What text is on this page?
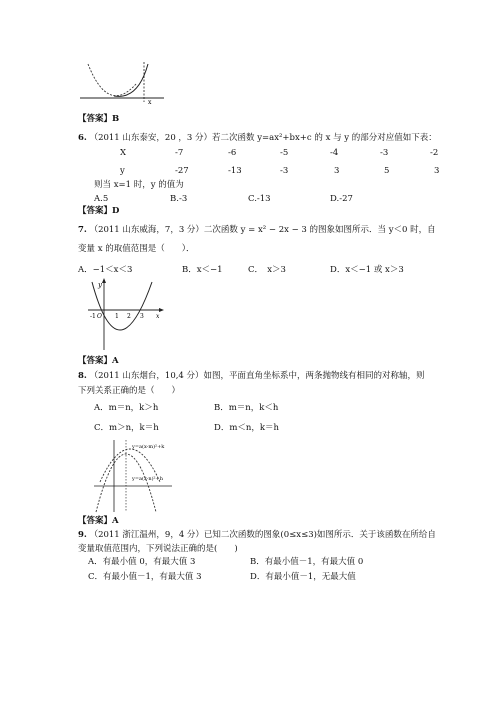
x
【答案】B
6. （2011 山东泰安，20 ，3 分）若二次函数 y=ax²+bx+c 的 x 与 y 的部分对应值如下表：
X	-7	-6	-5	-4	-3	-2
y	-27	-13	-3	3	5	3
则当 x=1 时，y 的值为
A.5	B.-3	C.-13	D.-27
【答案】D
7. （2011 山东威海，7，3 分）二次函数 y = x² − 2x − 3 的图象如图所示．当 y＜0 时，自
变量 x 的取值范围是（　　）．
A．−1＜x＜3	B．x＜−1	C．　x＞3	D．x＜−1 或 x＞3
y
O
-1	1 2 3 x
【答案】A
8. （2011 山东烟台，10,4 分）如图，平面直角坐标系中，两条抛物线有相同的对称轴，则
下列关系正确的是（　　）
A．m＝n，k＞h	B．m＝n，k＜h
C．m＞n，k＝h	D．m＜n，k＝h
y=a(x-m)²+k
y=a(x-n)²+h
【答案】A
9. （2011 浙江温州，9，4 分）已知二次函数的图象(0≤x≤3)如图所示．关于该函数在所给自
变量取值范围内，下列说法正确的是(　　)
A．有最小值 0，有最大值 3	B．有最小值－1，有最大值 0
C．有最小值－1，有最大值 3	D．有最小值－1，无最大值
